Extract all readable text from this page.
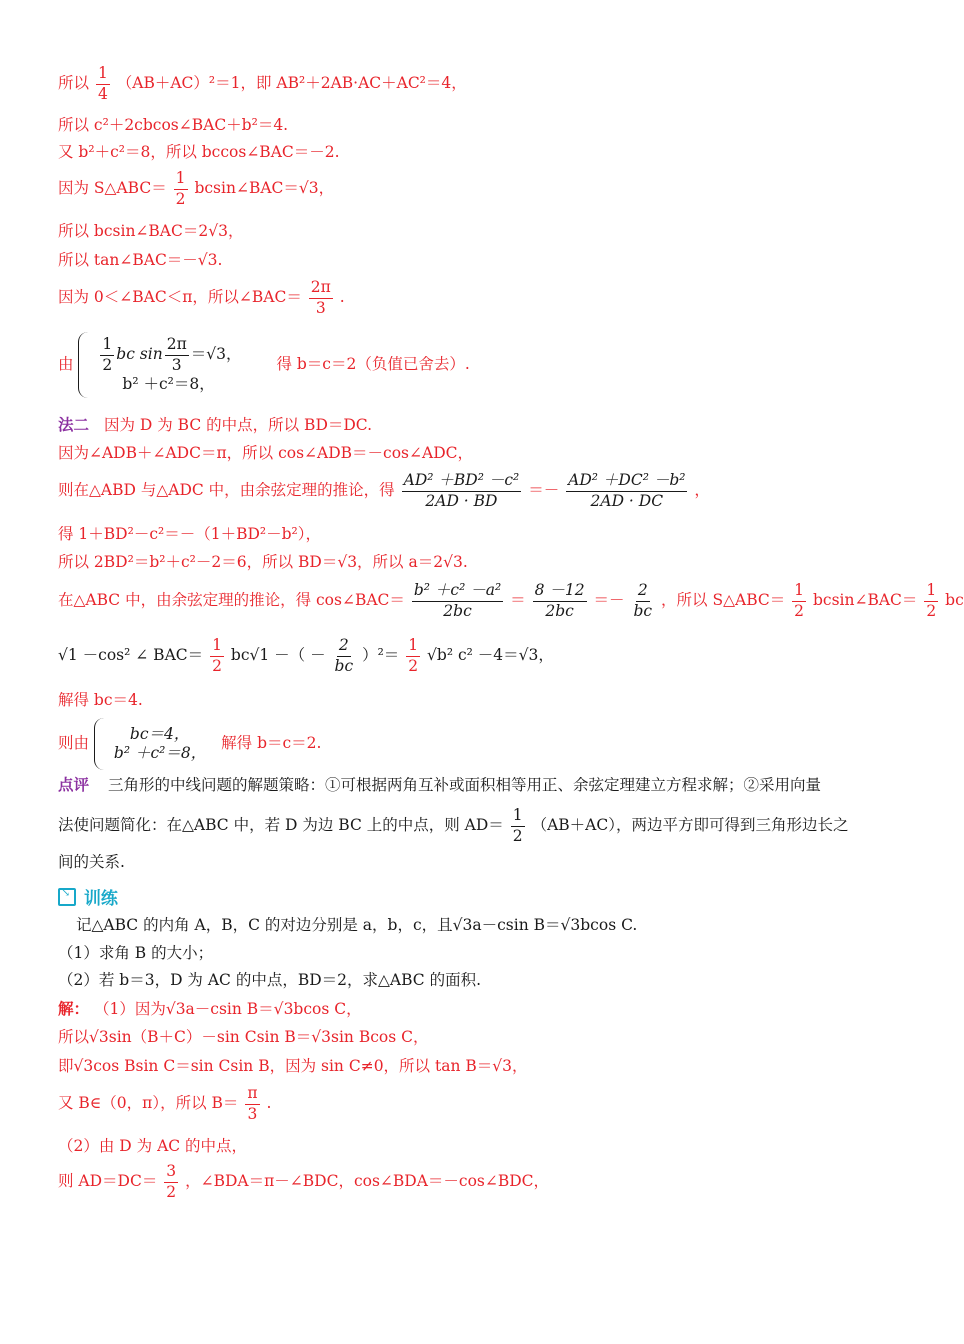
所以 $\frac{1}{4} (AB+AC)^2=1$，即 AB²＋2AB·AC＋AC²＝4，
所以 c²＋2cbcos∠BAC＋b²＝4.
又 b²＋c²＝8，所以 bccos∠BAC＝－2.
因为 S△ABC＝ $\frac{1}{2}$ bcsin∠BAC＝√3，
所以 bcsin∠BAC＝2√3，
所以 tan∠BAC＝－√3.
因为 0＜∠BAC＜π，所以∠BAC＝ $\frac{2\pi}{3}$ .
由 $\frac{1}{2}$ bc $\sin \frac{2\pi}{3} =√3$，
b² ＋c²＝8，
得 b＝c＝2（负值已舍去）.
法二 因为 D 为 BC 的中点，所以 BD＝DC.
因为∠ADB＋∠ADC＝π，所以 cos∠ADB＝－cos∠ADC，
则在△ABD 与△ADC 中，由余弦定理的推论，得 $\frac{\text{AD² ＋BD² －c²}}{2AD \cdot BD} =- \frac{\text{AD² ＋DC² －b²}}{2AD \cdot DC}$ ，
得 1＋BD²－c²＝－（1＋BD²－b²），
所以 2BD²＝b²＋c²－2＝6，所以 BD＝√3，所以 a＝2√3.
在△ABC 中，由余弦定理的推论，得 cos∠BAC＝ $\frac{\text{b² ＋c² －a²}}{2bc} = \frac{8 -12}{2bc} =- \frac{2}{bc}$ ，所以 S△ABC＝ $\frac{1}{2}$ bcsin∠BAC＝ $\frac{1}{2}$ bc
√1 －cos² ∠ $BAC= \frac{1}{2} bc√1$ －（ － $\frac{2}{bc} )^2= \frac{1}{2} √b^2$ c² －4＝√3，
解得 bc＝4.
则由
bc＝4，
b² ＋c²＝8，
解得 b＝c＝2.
点评 三角形的中线问题的解题策略：①可根据两角互补或面积相等用正、余弦定理建立方程求解；②采用向量
法使问题简化：在△ABC 中，若 D 为边 BC 上的中点，则 $AD= \frac{1}{2} (AB+AC)$，两边平方即可得到三角形边长之
间的关系.
↘ 训练
记△ABC 的内角 A，B，C 的对边分别是 a，b，c，且√3a－csin B＝√3bcos C.
（1）求角 B 的大小；
（2）若 b＝3，D 为 AC 的中点，BD＝2，求△ABC 的面积.
解： （1）因为√3a－csin B＝√3bcos C，
所以√3sin（B＋C）－sin Csin B＝√3sin Bcos C，
即√3cos Bsin C＝sin Csin B，因为 sin C≠0，所以 tan B＝√3，
又 B∈（0，π），所以 $B= \frac{\pi}{3}$ .
（2）由 D 为 AC 的中点，
则 $AD=DC= \frac{3}{2}$ ，∠BDA＝π－∠BDC，cos∠BDA＝－cos∠BDC，
